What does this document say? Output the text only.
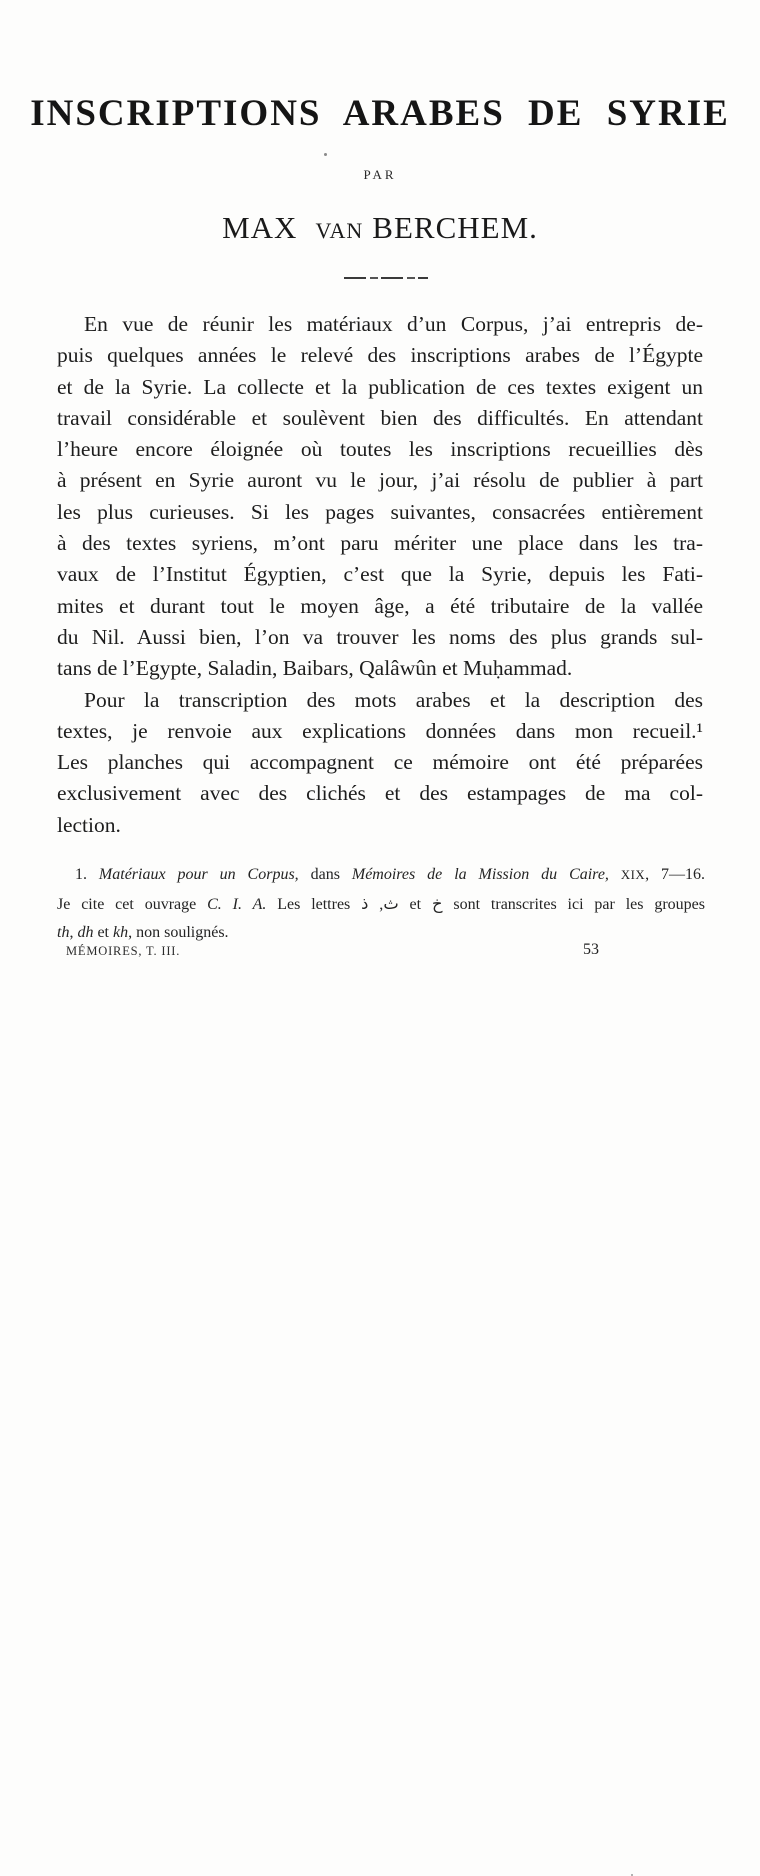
INSCRIPTIONS ARABES DE SYRIE
PAR
MAX VAN BERCHEM.
En vue de réunir les matériaux d’un Corpus, j’ai entrepris de-
puis quelques années le relevé des inscriptions arabes de l’Égypte
et de la Syrie. La collecte et la publication de ces textes exigent un
travail considérable et soulèvent bien des difficultés. En attendant
l’heure encore éloignée où toutes les inscriptions recueillies dès
à présent en Syrie auront vu le jour, j’ai résolu de publier à part
les plus curieuses. Si les pages suivantes, consacrées entièrement
à des textes syriens, m’ont paru mériter une place dans les tra-
vaux de l’Institut Égyptien, c’est que la Syrie, depuis les Fati-
mites et durant tout le moyen âge, a été tributaire de la vallée
du Nil. Aussi bien, l’on va trouver les noms des plus grands sul-
tans de l’Egypte, Saladin, Baibars, Qalâwûn et Muḥammad.
Pour la transcription des mots arabes et la description des
textes, je renvoie aux explications données dans mon recueil.¹
Les planches qui accompagnent ce mémoire ont été préparées
exclusivement avec des clichés et des estampages de ma col-
lection.
1. Matériaux pour un Corpus, dans Mémoires de la Mission du Caire, XIX, 7—16.
Je cite cet ouvrage C. I. A. Les lettres ث, ذ et خ sont transcrites ici par les groupes
th, dh et kh, non soulignés.
MÉMOIRES, T. III.	53
